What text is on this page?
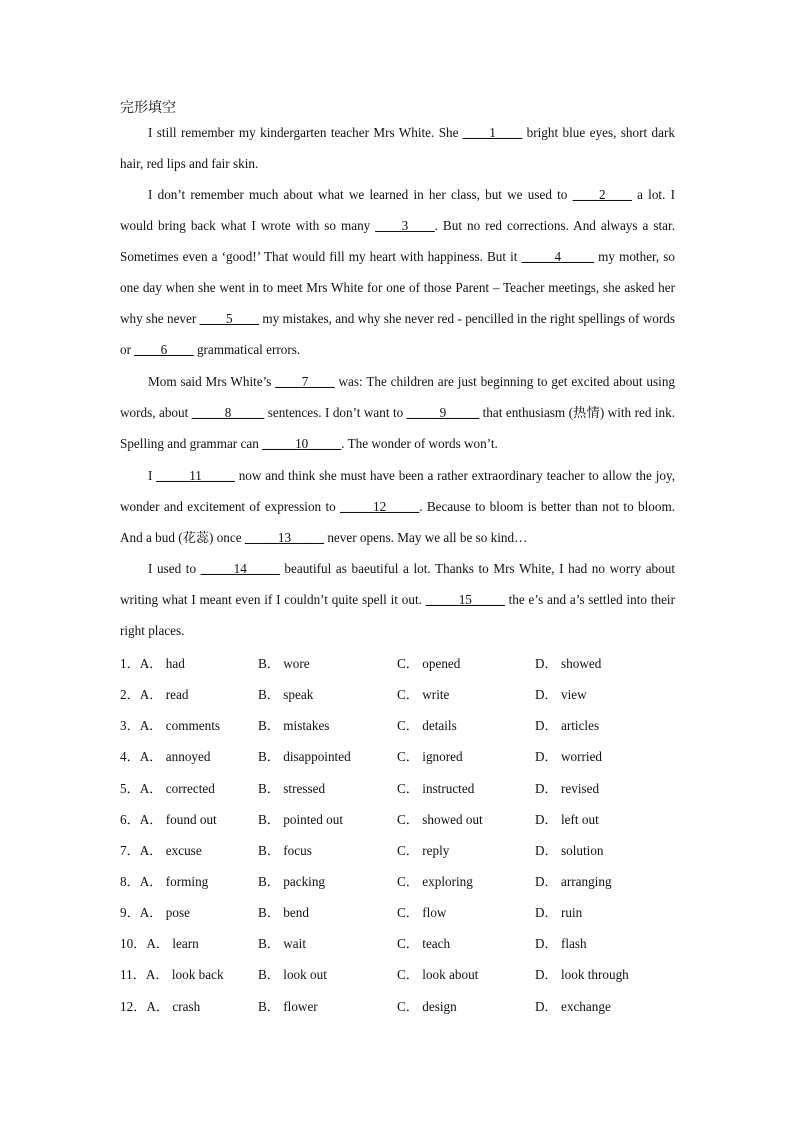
完形填空
I still remember my kindergarten teacher Mrs White. She ____1____ bright blue eyes, short dark hair, red lips and fair skin.
I don’t remember much about what we learned in her class, but we used to ____2____ a lot. I would bring back what I wrote with so many ____3____. But no red corrections. And always a star. Sometimes even a ‘good!’ That would fill my heart with happiness. But it _____4_____ my mother, so one day when she went in to meet Mrs White for one of those Parent – Teacher meetings, she asked her why she never ____5____ my mistakes, and why she never red - pencilled in the right spellings of words or ____6____ grammatical errors.
Mom said Mrs White’s ____7____ was: The children are just beginning to get excited about using words, about _____8_____ sentences. I don’t want to _____9_____ that enthusiasm (热情) with red ink. Spelling and grammar can _____10_____. The wonder of words won’t.
I _____11_____ now and think she must have been a rather extraordinary teacher to allow the joy, wonder and excitement of expression to _____12_____. Because to bloom is better than not to bloom. And a bud (花蕊) once _____13_____ never opens. May we all be so kind…
I used to _____14_____ beautiful as baeutiful a lot. Thanks to Mrs White, I had no worry about writing what I meant even if I couldn’t quite spell it out. _____15_____ the e’s and a’s settled into their right places.
1．A． had	B． wore	C． opened	D． showed
2．A． read	B． speak	C． write	D． view
3．A． comments	B． mistakes	C． details	D． articles
4．A． annoyed	B． disappointed	C． ignored	D． worried
5．A． corrected	B． stressed	C． instructed	D． revised
6．A． found out	B． pointed out	C． showed out	D． left out
7．A． excuse	B． focus	C． reply	D． solution
8．A． forming	B． packing	C． exploring	D． arranging
9．A． pose	B． bend	C． flow	D． ruin
10．A． learn	B． wait	C． teach	D． flash
11．A． look back	B． look out	C． look about	D． look through
12．A． crash	B． flower	C． design	D． exchange
